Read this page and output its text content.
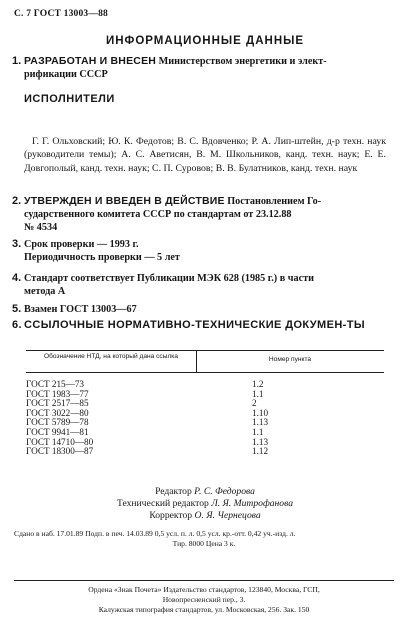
С. 7 ГОСТ 13003—88
ИНФОРМАЦИОННЫЕ ДАННЫЕ
1. РАЗРАБОТАН И ВНЕСЕН Министерством энергетики и элект-
рификации СССР
ИСПОЛНИТЕЛИ
Г. Г. Ольховский; Ю. К. Федотов; В. С. Вдовченко; Р. А. Лип-штейн, д-р техн. наук (руководители темы); А. С. Аветисян, В. М. Школьников, канд. техн. наук; Е. Е. Довгополый, канд. техн. наук; С. П. Суровов; В. В. Булатников, канд. техн. наук
2. УТВЕРЖДЕН И ВВЕДЕН В ДЕЙСТВИЕ Постановлением Го-
сударственного комитета СССР по стандартам от 23.12.88
№ 4534
3. Срок проверки — 1993 г.
Периодичность проверки — 5 лет
4. Стандарт соответствует Публикации МЭК 628 (1985 г.) в части
метода А
5. Взамен ГОСТ 13003—67
6. ССЫЛОЧНЫЕ НОРМАТИВНО-ТЕХНИЧЕСКИЕ ДОКУМЕН-ТЫ
Обозначение НТД, на который дана ссылка	Номер пункта
ГОСТ 215—73	1.2
ГОСТ 1983—77	1.1
ГОСТ 2517—85	2
ГОСТ 3022—80	1.10
ГОСТ 5789—78	1.13
ГОСТ 9941—81	1.1
ГОСТ 14710—80	1.13
ГОСТ 18300—87	1.12
Редактор Р. С. Федорова
Технический редактор Л. Я. Митрофанова
Корректор О. Я. Чернецова
Сдано в наб. 17.01.89 Подп. в печ. 14.03.89 0,5 усл. п. л. 0,5 усл. кр.-отт. 0,42 уч.-изд. л.
Тир. 8000 Цена 3 к.
Ордена «Знак Почета» Издательство стандартов, 123840, Москва, ГСП,
Новопресненский пер., 3.
Калужская типография стандартов, ул. Московская, 256. Зак. 150
